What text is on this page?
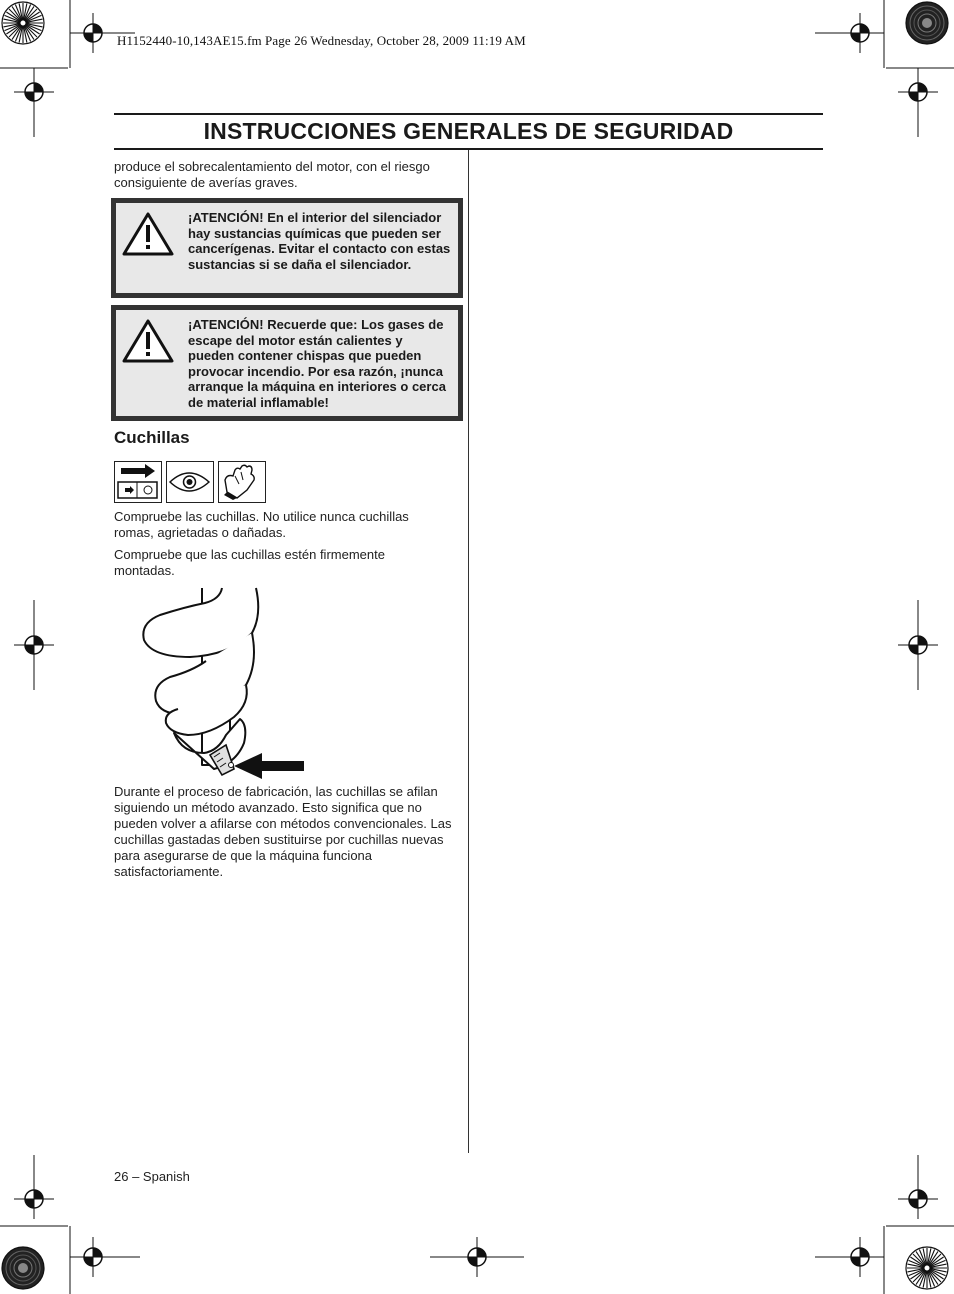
H1152440-10,143AE15.fm Page 26 Wednesday, October 28, 2009 11:19 AM
INSTRUCCIONES GENERALES DE SEGURIDAD
produce el sobrecalentamiento del motor, con el riesgo consiguiente de averías graves.
¡ATENCIÓN! En el interior del silenciador hay sustancias químicas que pueden ser cancerígenas. Evitar el contacto con estas sustancias si se daña el silenciador.
¡ATENCIÓN! Recuerde que: Los gases de escape del motor están calientes y pueden contener chispas que pueden provocar incendio. Por esa razón, ¡nunca arranque la máquina en interiores o cerca de material inflamable!
Cuchillas
Compruebe las cuchillas. No utilice nunca cuchillas romas, agrietadas o dañadas.
Compruebe que las cuchillas estén firmemente montadas.
Durante el proceso de fabricación, las cuchillas se afilan siguiendo un método avanzado. Esto significa que no pueden volver a afilarse con métodos convencionales. Las cuchillas gastadas deben sustituirse por cuchillas nuevas para asegurarse de que la máquina funciona satisfactoriamente.
26 – Spanish
